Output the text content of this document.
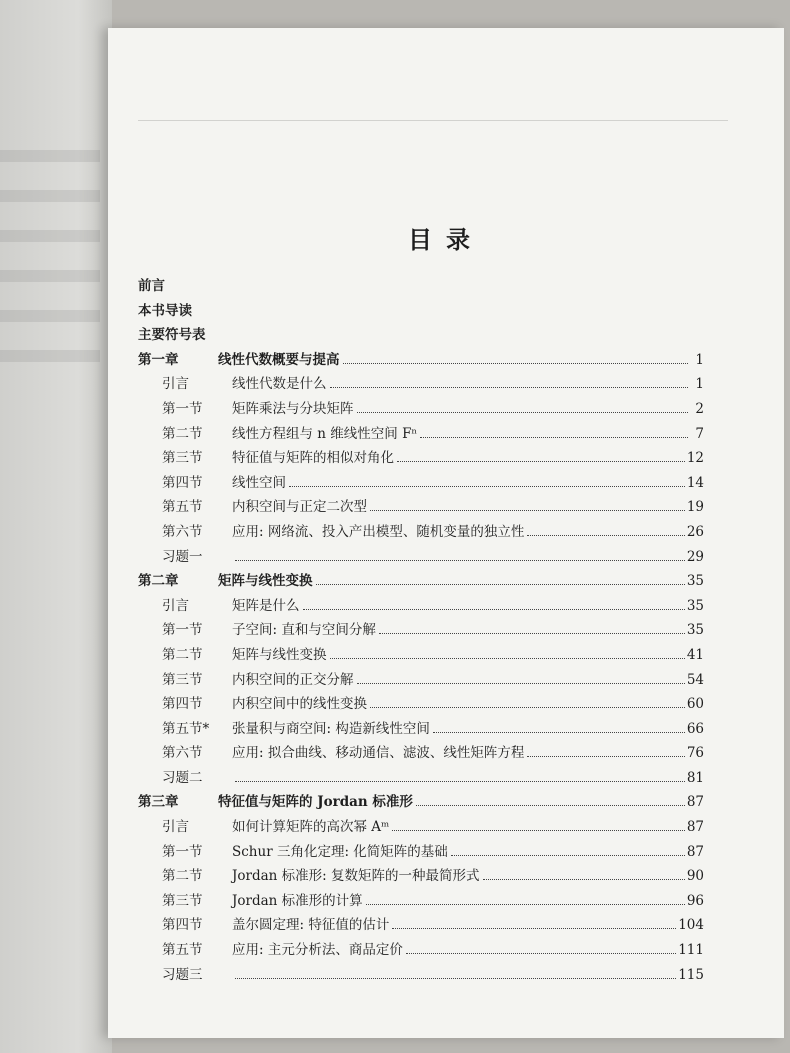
目录
前言
本书导读
主要符号表
第一章	线性代数概要与提高	1
引言	线性代数是什么	1
第一节	矩阵乘法与分块矩阵	2
第二节	线性方程组与 n 维线性空间 Fⁿ	7
第三节	特征值与矩阵的相似对角化	12
第四节	线性空间	14
第五节	内积空间与正定二次型	19
第六节	应用: 网络流、投入产出模型、随机变量的独立性	26
习题一	29
第二章	矩阵与线性变换	35
引言	矩阵是什么	35
第一节	子空间: 直和与空间分解	35
第二节	矩阵与线性变换	41
第三节	内积空间的正交分解	54
第四节	内积空间中的线性变换	60
第五节*	张量积与商空间: 构造新线性空间	66
第六节	应用: 拟合曲线、移动通信、滤波、线性矩阵方程	76
习题二	81
第三章	特征值与矩阵的 Jordan 标准形	87
引言	如何计算矩阵的高次幂 Aᵐ	87
第一节	Schur 三角化定理: 化简矩阵的基础	87
第二节	Jordan 标准形: 复数矩阵的一种最简形式	90
第三节	Jordan 标准形的计算	96
第四节	盖尔圆定理: 特征值的估计	104
第五节	应用: 主元分析法、商品定价	111
习题三	115
